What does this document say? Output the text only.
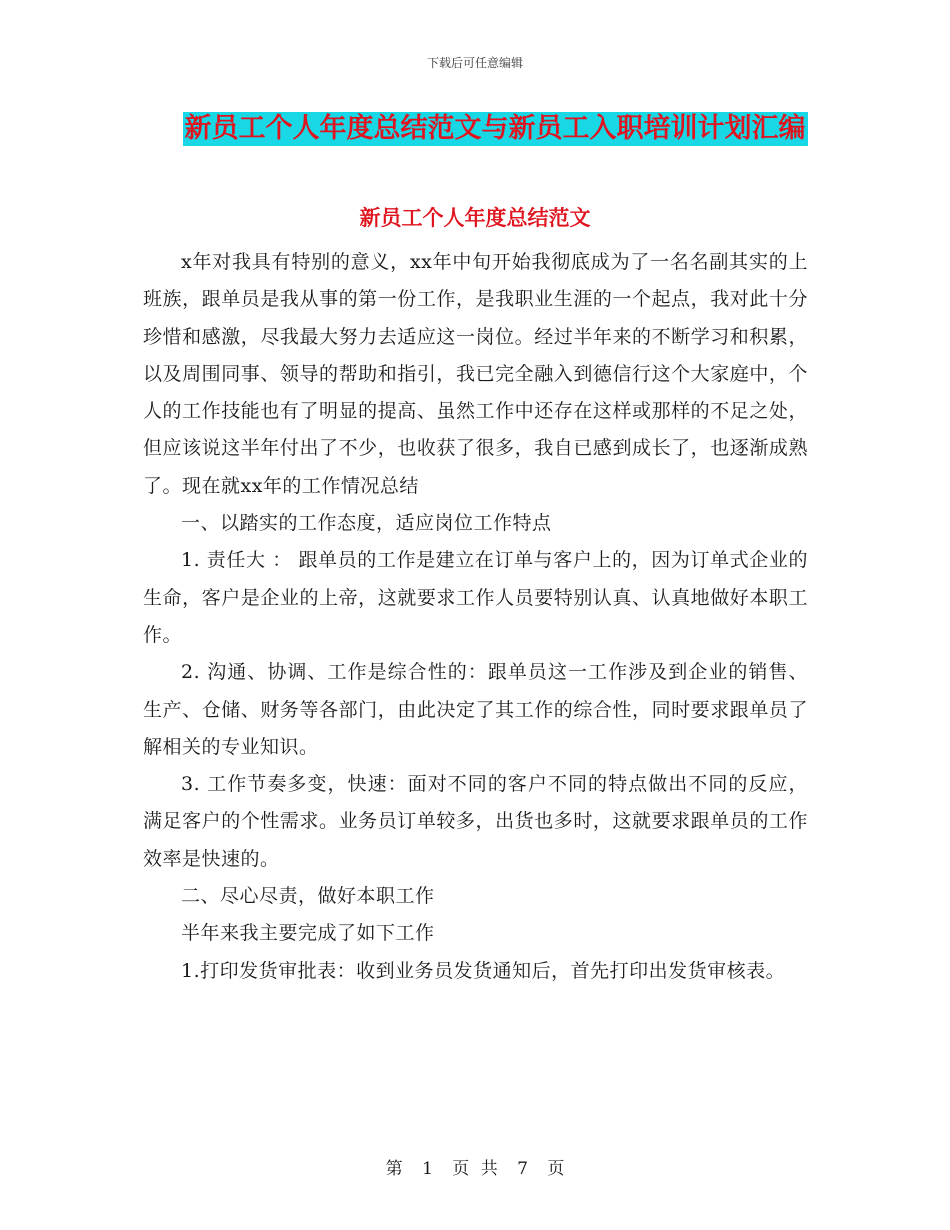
下载后可任意编辑
新员工个人年度总结范文与新员工入职培训计划汇编
新员工个人年度总结范文

x年对我具有特别的意义，xx年中旬开始我彻底成为了一名名副其实的上班族，跟单员是我从事的第一份工作，是我职业生涯的一个起点，我对此十分珍惜和感激，尽我最大努力去适应这一岗位。经过半年来的不断学习和积累，以及周围同事、领导的帮助和指引，我已完全融入到德信行这个大家庭中，个人的工作技能也有了明显的提高、虽然工作中还存在这样或那样的不足之处，但应该说这半年付出了不少，也收获了很多，我自已感到成长了，也逐渐成熟了。现在就xx年的工作情况总结

一、以踏实的工作态度，适应岗位工作特点

1. 责任大 ： 跟单员的工作是建立在订单与客户上的，因为订单式企业的生命，客户是企业的上帝，这就要求工作人员要特别认真、认真地做好本职工作。

2. 沟通、协调、工作是综合性的：跟单员这一工作涉及到企业的销售、生产、仓储、财务等各部门，由此决定了其工作的综合性，同时要求跟单员了解相关的专业知识。

3. 工作节奏多变，快速：面对不同的客户不同的特点做出不同的反应，满足客户的个性需求。业务员订单较多，出货也多时，这就要求跟单员的工作效率是快速的。

二、尽心尽责，做好本职工作

半年来我主要完成了如下工作

1.打印发货审批表：收到业务员发货通知后，首先打印出发货审核表。

第 1 页 共 7 页
